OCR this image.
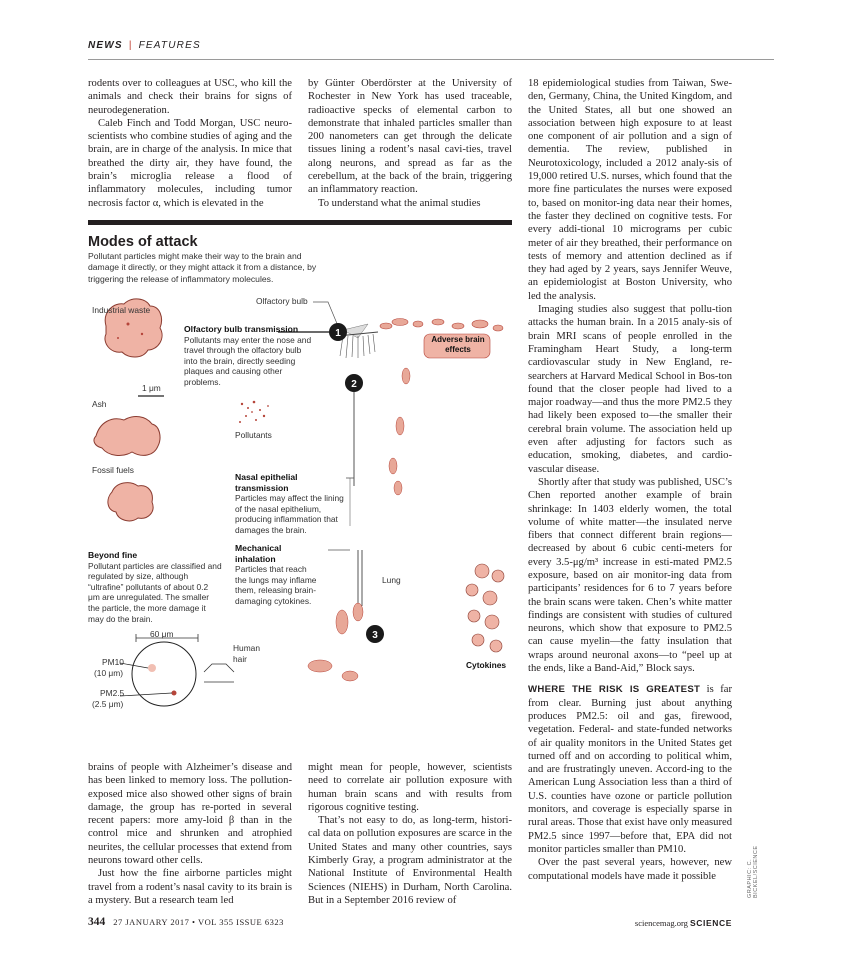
NEWS | FEATURES

rodents over to colleagues at USC, who kill the animals and check their brains for signs of neurodegeneration.

Caleb Finch and Todd Morgan, USC neuro-scientists who combine studies of aging and the brain, are in charge of the analysis. In mice that breathed the dirty air, they have found, the brain’s microglia release a flood of inflammatory molecules, including tumor necrosis factor α, which is elevated in the

by Günter Oberdörster at the University of Rochester in New York has used traceable, radioactive specks of elemental carbon to demonstrate that inhaled particles smaller than 200 nanometers can get through the delicate tissues lining a rodent’s nasal cavi-ties, travel along neurons, and spread as far as the cerebellum, at the back of the brain, triggering an inflammatory reaction.

To understand what the animal studies

18 epidemiological studies from Taiwan, Swe-den, Germany, China, the United Kingdom, and the United States, all but one showed an association between high exposure to at least one component of air pollution and a sign of dementia. The review, published in Neurotoxicology, included a 2012 analy-sis of 19,000 retired U.S. nurses, which found that the more fine particulates the nurses were exposed to, based on monitor-ing data near their homes, the faster they declined on cognitive tests. For every addi-tional 10 micrograms per cubic meter of air they breathed, their performance on tests of memory and attention declined as if they had aged by 2 years, says Jennifer Weuve, an epidemiologist at Boston University, who led the analysis.

Imaging studies also suggest that pollu-tion attacks the human brain. In a 2015 analy-sis of brain MRI scans of people enrolled in the Framingham Heart Study, a long-term cardiovascular study in New England, re-searchers at Harvard Medical School in Bos-ton found that the closer people had lived to a major roadway—and thus the more PM2.5 they had likely been exposed to—the smaller their cerebral brain volume. The association held up even after adjusting for factors such as education, smoking, diabetes, and cardio-vascular disease.

Shortly after that study was published, USC’s Chen reported another example of brain shrinkage: In 1403 elderly women, the total volume of white matter—the insulated nerve fibers that connect different brain regions—decreased by about 6 cubic centi-meters for every 3.5-μg/m³ increase in esti-mated PM2.5 exposure, based on air monitor-ing data from participants’ residences for 6 to 7 years before the brain scans were taken. Chen’s white matter findings are consistent with studies of cultured neurons, which show that exposure to PM2.5 can cause myelin—the fatty insulation that wraps around neuronal axons—to “peel up at the ends, like a Band-Aid,” Block says.

WHERE THE RISK IS GREATEST is far from clear. Burning just about anything produces PM2.5: oil and gas, firewood, vegetation. Federal- and state-funded networks of air quality monitors in the United States get turned off and on according to political whim, and are frustratingly uneven. Accord-ing to the American Lung Association less than a third of U.S. counties have ozone or particle pollution monitors, and coverage is especially sparse in rural areas. Those that exist have only measured PM2.5 since 1997—before that, EPA did not monitor particles smaller than PM10.

Over the past several years, however, new computational models have made it possible

Modes of attack
Pollutant particles might make their way to the brain and damage it directly, or they might attack it from a distance, by triggering the release of inflammatory molecules.
1
2
3
Industrial waste
1 μm
Ash
Fossil fuels
Olfactory bulb
Olfactory bulb transmission
Pollutants may enter the nose and travel through the olfactory bulb into the brain, directly seeding plaques and causing other problems.
Adverse brain effects
Pollutants
Nasal epithelial transmission
Particles may affect the lining of the nasal epithelium, producing inflammation that damages the brain.
Beyond fine
Pollutant particles are classified and regulated by size, although “ultrafine” pollutants of about 0.2 μm are unregulated. The smaller the particle, the more damage it may do the brain.
Mechanical inhalation
Particles that reach the lungs may inflame them, releasing brain-damaging cytokines.
Lung
Cytokines
60 μm
Human hair
PM10
(10 μm)
PM2.5
(2.5 μm)

brains of people with Alzheimer’s disease and has been linked to memory loss. The pollution-exposed mice also showed other signs of brain damage, the group has re-ported in several recent papers: more amy-loid β than in the control mice and shrunken and atrophied neurites, the cellular processes that extend from neurons toward other cells.

Just how the fine airborne particles might travel from a rodent’s nasal cavity to its brain is a mystery. But a research team led

might mean for people, however, scientists need to correlate air pollution exposure with human brain scans and with results from rigorous cognitive testing.

That’s not easy to do, as long-term, histori-cal data on pollution exposures are scarce in the United States and many other countries, says Kimberly Gray, a program administrator at the National Institute of Environmental Health Sciences (NIEHS) in Durham, North Carolina. But in a September 2016 review of

GRAPHIC: C. BICKEL/SCIENCE
344 27 JANUARY 2017 • VOL 355 ISSUE 6323	sciencemag.org SCIENCE
